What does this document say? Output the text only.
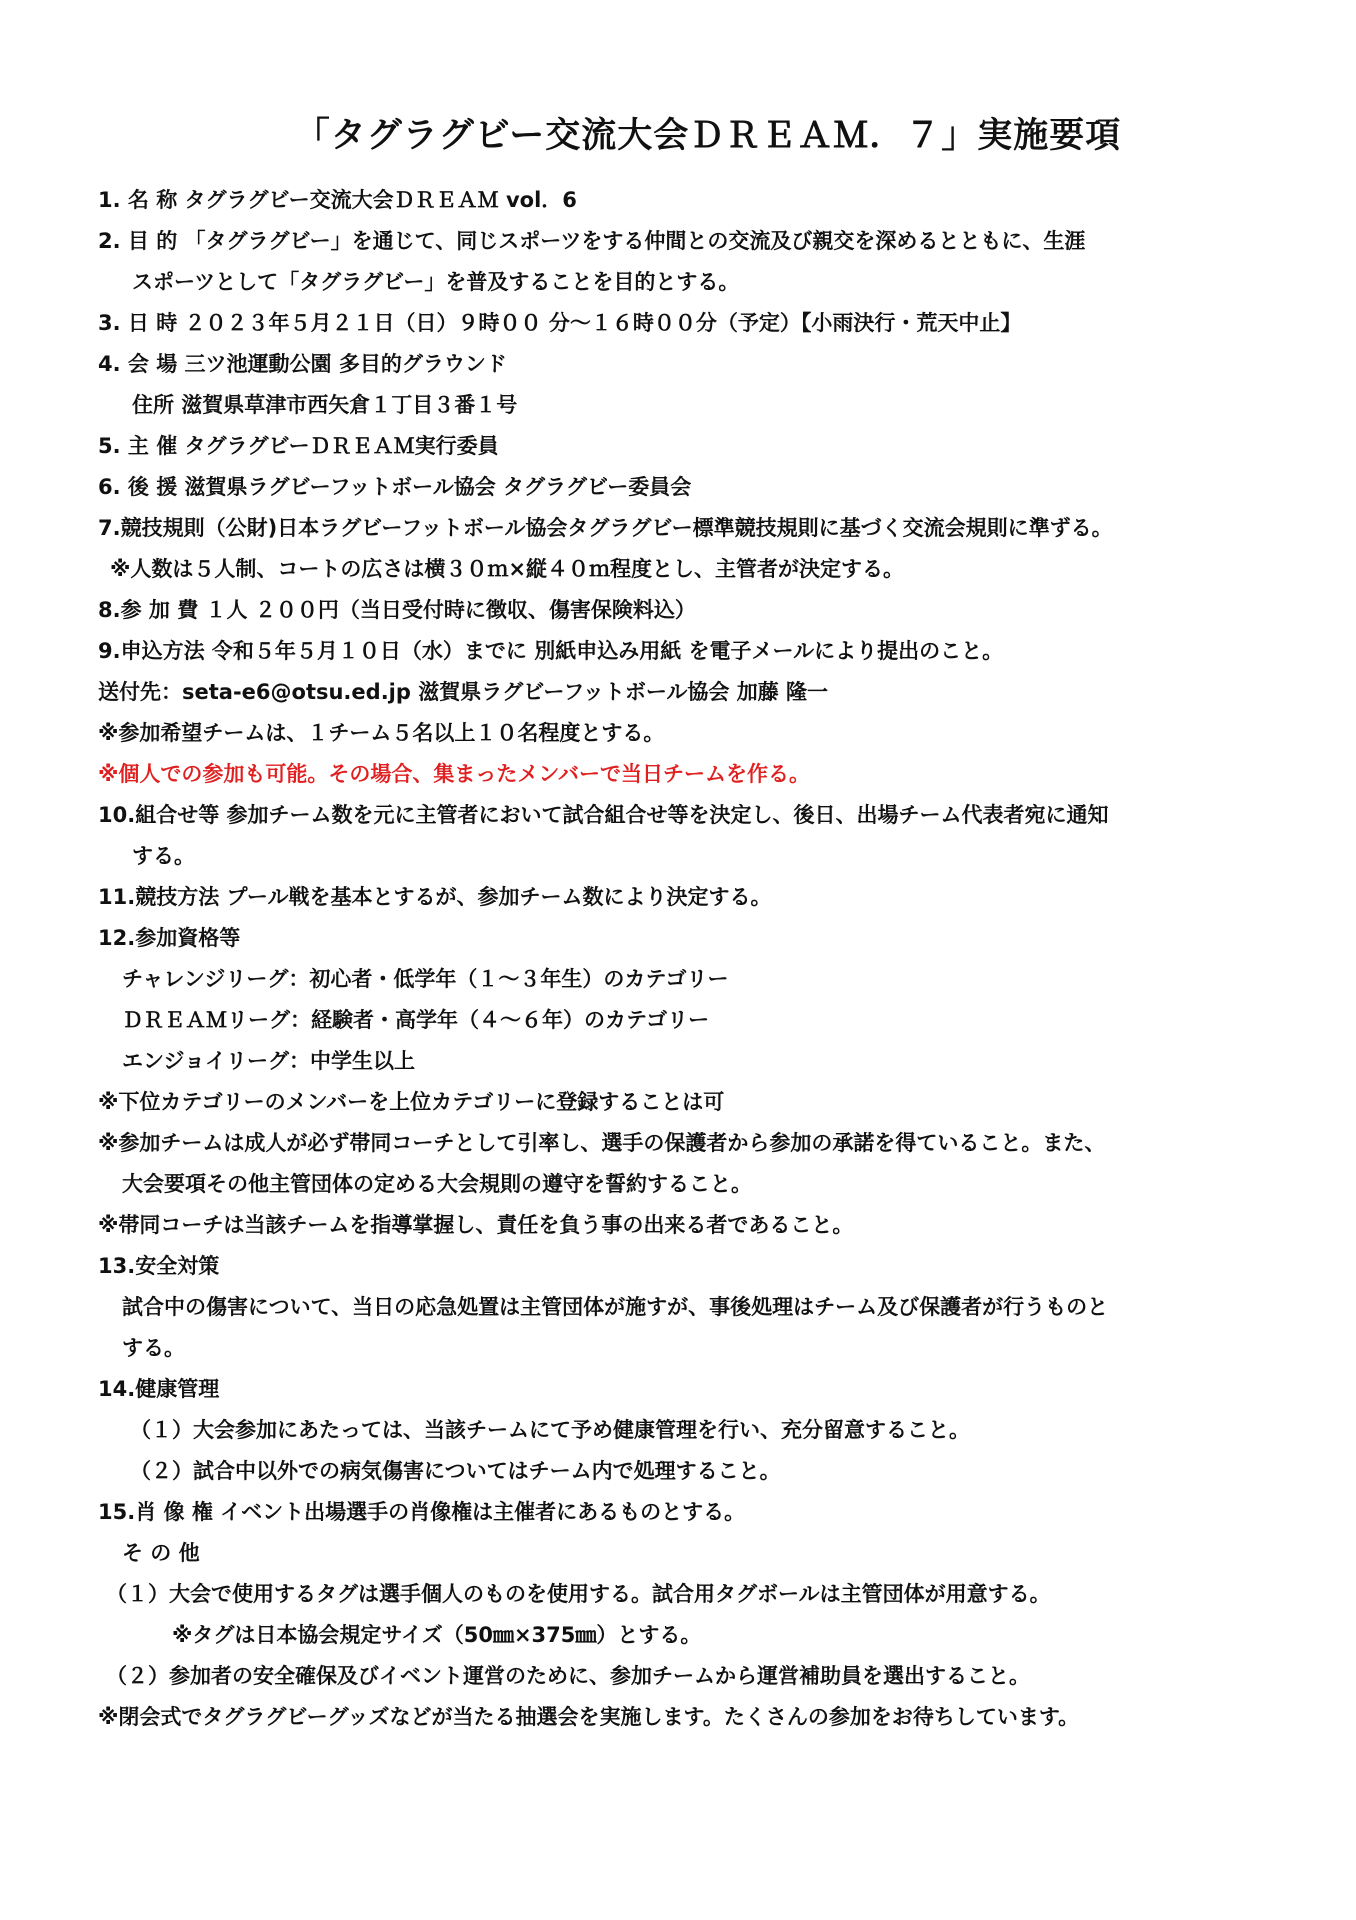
「タグラグビー交流大会ＤＲＥＡＭ．７」実施要項
1. 名 称 タグラグビー交流大会ＤＲＥＡＭ vol．6
2. 目 的 「タグラグビー」を通じて、同じスポーツをする仲間との交流及び親交を深めるとともに、生涯
スポーツとして「タグラグビー」を普及することを目的とする。
3. 日 時 ２０２３年５月２１日（日）９時００ 分～１６時００分（予定）【小雨決行・荒天中止】
4. 会 場 三ツ池運動公園 多目的グラウンド
住所 滋賀県草津市西矢倉１丁目３番１号
5. 主 催 タグラグビーＤＲＥＡＭ実行委員
6. 後 援 滋賀県ラグビーフットボール協会 タグラグビー委員会
7.競技規則（公財)日本ラグビーフットボール協会タグラグビー標準競技規則に基づく交流会規則に準ずる。
※人数は５人制、コートの広さは横３０ｍ×縦４０ｍ程度とし、主管者が決定する。
8.参 加 費 １人 ２００円（当日受付時に徴収、傷害保険料込）
9.申込方法 令和５年５月１０日（水）までに 別紙申込み用紙 を電子メールにより提出のこと。
送付先：seta-e6@otsu.ed.jp 滋賀県ラグビーフットボール協会 加藤 隆一
※参加希望チームは、１チーム５名以上１０名程度とする。
※個人での参加も可能。その場合、集まったメンバーで当日チームを作る。
10.組合せ等 参加チーム数を元に主管者において試合組合せ等を決定し、後日、出場チーム代表者宛に通知
する。
11.競技方法 プール戦を基本とするが、参加チーム数により決定する。
12.参加資格等
チャレンジリーグ：初心者・低学年（１～３年生）のカテゴリー
ＤＲＥＡＭリーグ：経験者・高学年（４～６年）のカテゴリー
エンジョイリーグ：中学生以上
※下位カテゴリーのメンバーを上位カテゴリーに登録することは可
※参加チームは成人が必ず帯同コーチとして引率し、選手の保護者から参加の承諾を得ていること。また、
大会要項その他主管団体の定める大会規則の遵守を誓約すること。
※帯同コーチは当該チームを指導掌握し、責任を負う事の出来る者であること。
13.安全対策
試合中の傷害について、当日の応急処置は主管団体が施すが、事後処理はチーム及び保護者が行うものと
する。
14.健康管理
（１）大会参加にあたっては、当該チームにて予め健康管理を行い、充分留意すること。
（２）試合中以外での病気傷害についてはチーム内で処理すること。
15.肖 像 権 イベント出場選手の肖像権は主催者にあるものとする。
そ の 他
（１）大会で使用するタグは選手個人のものを使用する。試合用タグボールは主管団体が用意する。
※タグは日本協会規定サイズ（50㎜×375㎜）とする。
（２）参加者の安全確保及びイベント運営のために、参加チームから運営補助員を選出すること。
※閉会式でタグラグビーグッズなどが当たる抽選会を実施します。たくさんの参加をお待ちしています。
